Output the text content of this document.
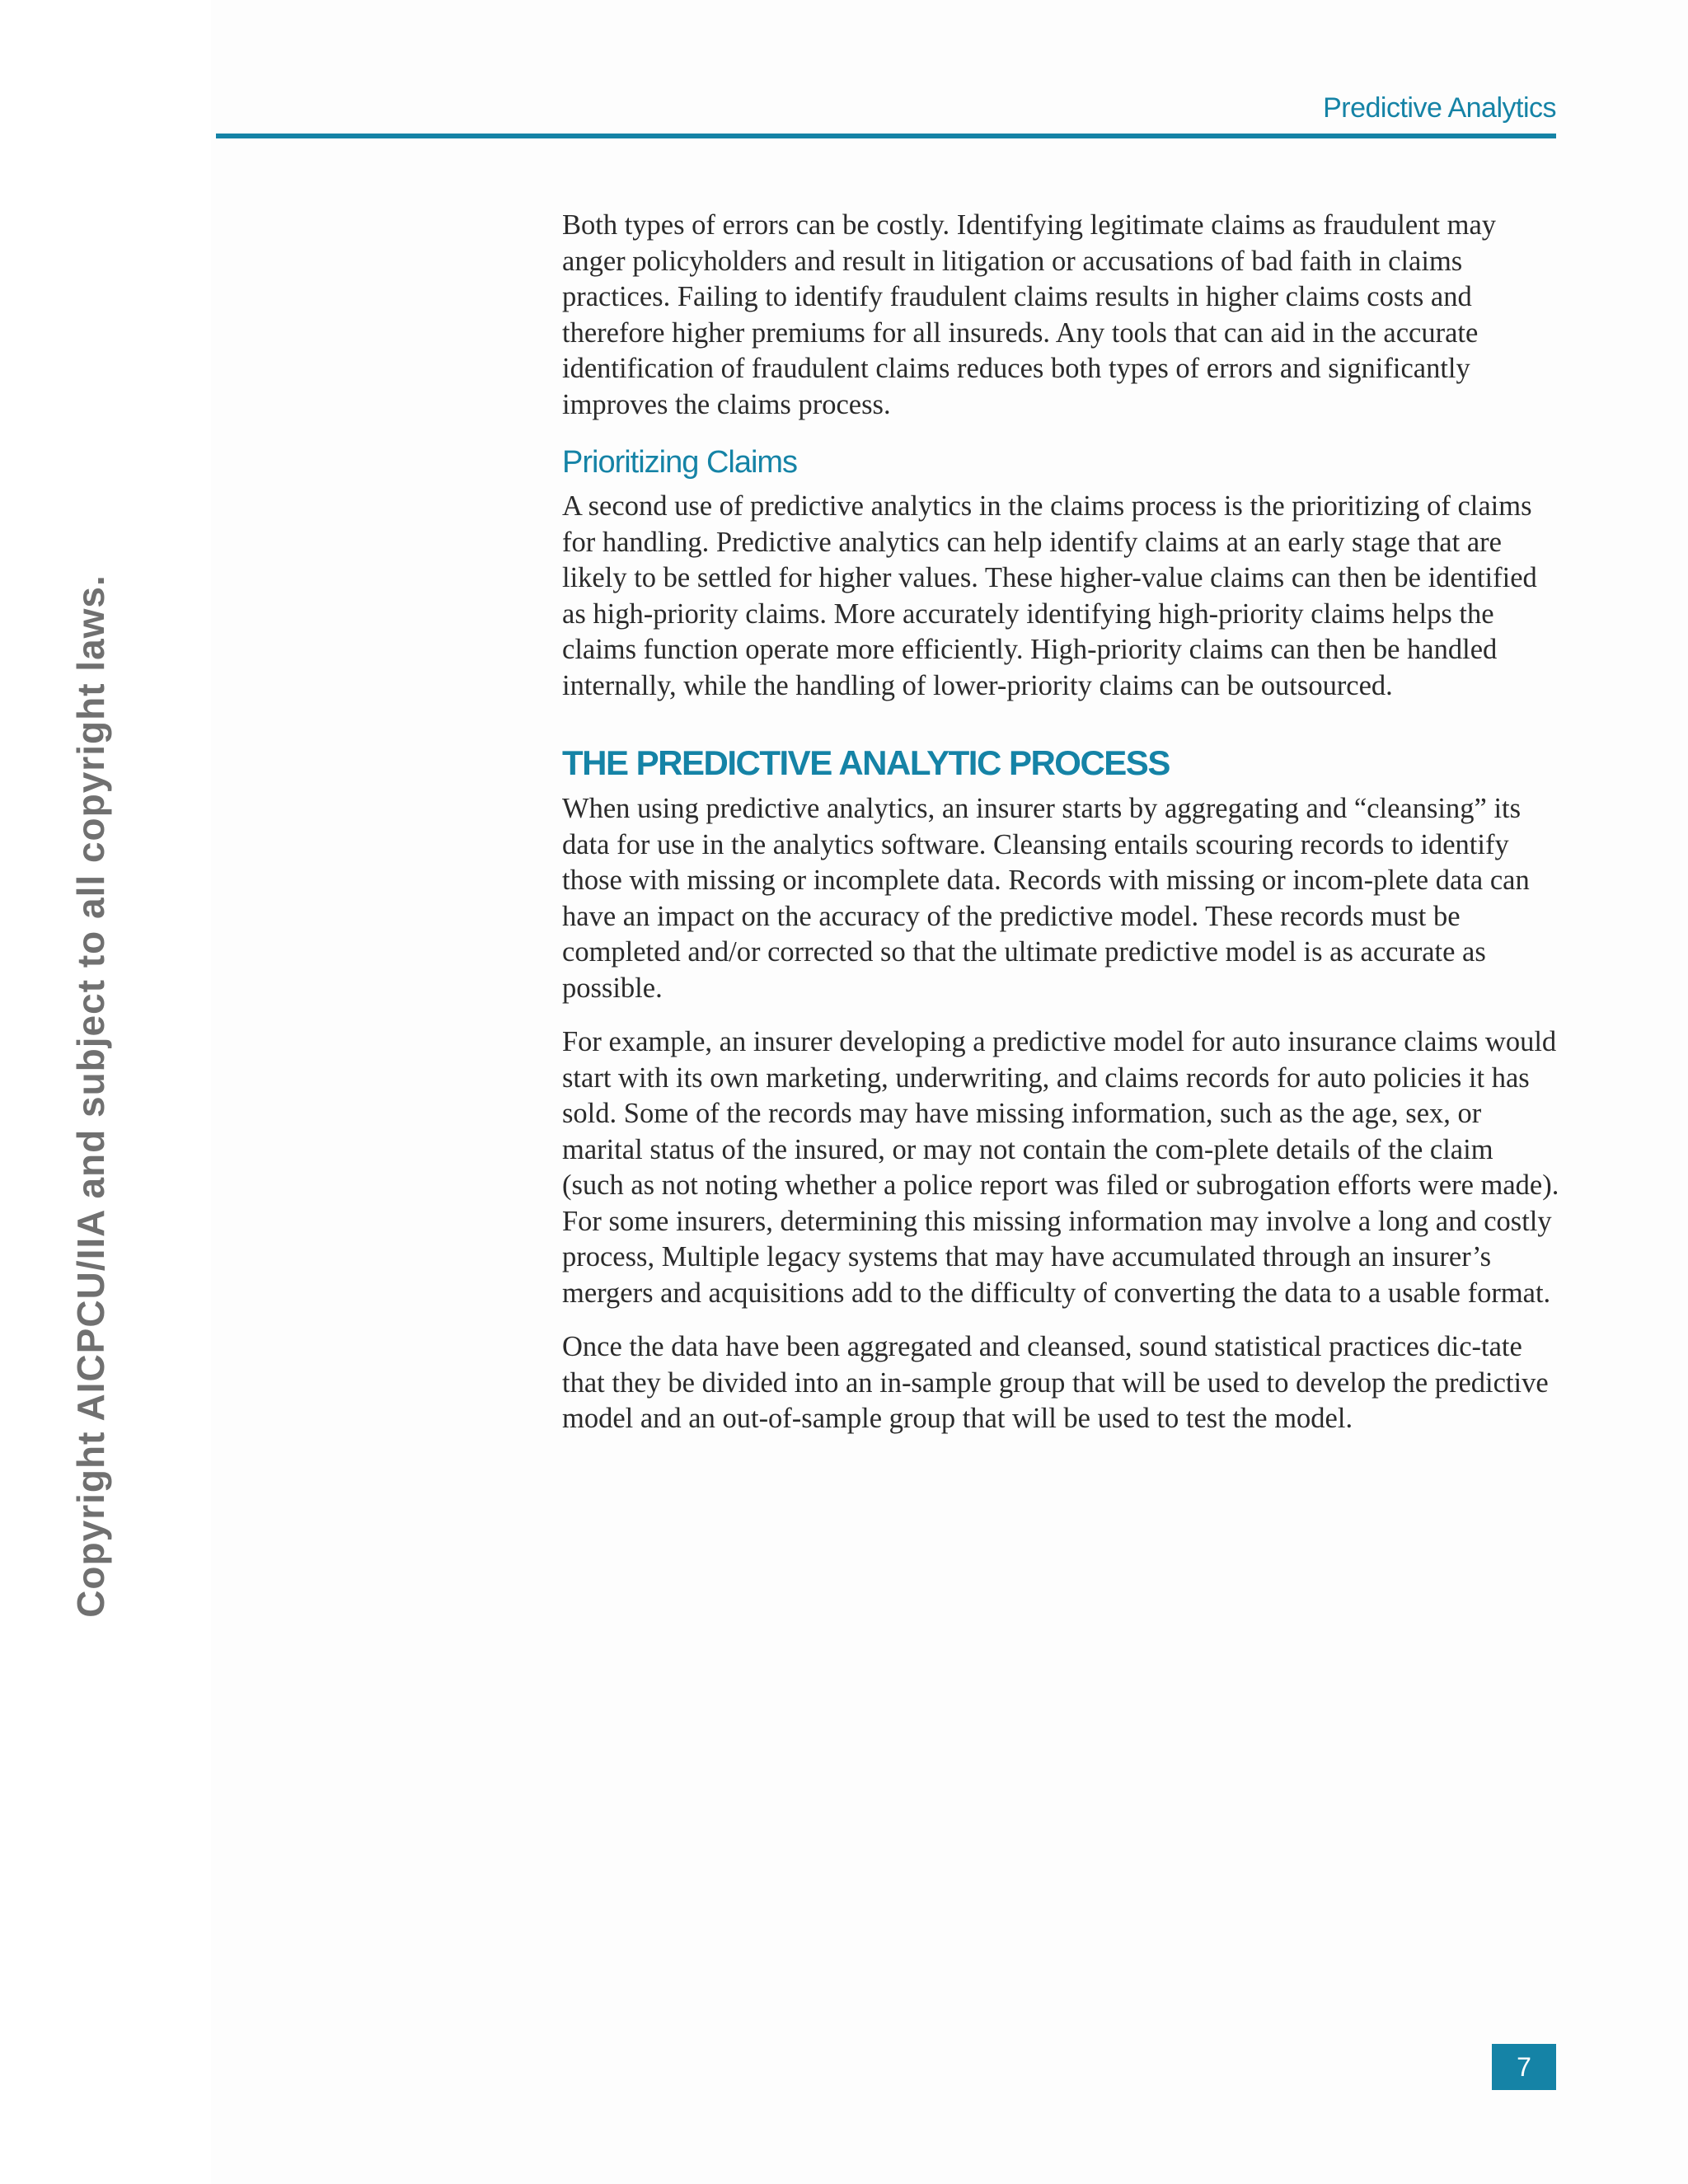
Predictive Analytics
Copyright AICPCU/IIA and subject to all copyright laws.

Both types of errors can be costly. Identifying legitimate claims as fraudulent may anger policyholders and result in litigation or accusations of bad faith in claims practices. Failing to identify fraudulent claims results in higher claims costs and therefore higher premiums for all insureds. Any tools that can aid in the accurate identification of fraudulent claims reduces both types of errors and significantly improves the claims process.

Prioritizing Claims

A second use of predictive analytics in the claims process is the prioritizing of claims for handling. Predictive analytics can help identify claims at an early stage that are likely to be settled for higher values. These higher-value claims can then be identified as high-priority claims. More accurately identifying high-priority claims helps the claims function operate more efficiently. High-priority claims can then be handled internally, while the handling of lower-priority claims can be outsourced.

THE PREDICTIVE ANALYTIC PROCESS

When using predictive analytics, an insurer starts by aggregating and “cleansing” its data for use in the analytics software. Cleansing entails scouring records to identify those with missing or incomplete data. Records with missing or incom-plete data can have an impact on the accuracy of the predictive model. These records must be completed and/or corrected so that the ultimate predictive model is as accurate as possible.

For example, an insurer developing a predictive model for auto insurance claims would start with its own marketing, underwriting, and claims records for auto policies it has sold. Some of the records may have missing information, such as the age, sex, or marital status of the insured, or may not contain the com-plete details of the claim (such as not noting whether a police report was filed or subrogation efforts were made). For some insurers, determining this missing information may involve a long and costly process, Multiple legacy systems that may have accumulated through an insurer’s mergers and acquisitions add to the difficulty of converting the data to a usable format.

Once the data have been aggregated and cleansed, sound statistical practices dic-tate that they be divided into an in-sample group that will be used to develop the predictive model and an out-of-sample group that will be used to test the model.

7
